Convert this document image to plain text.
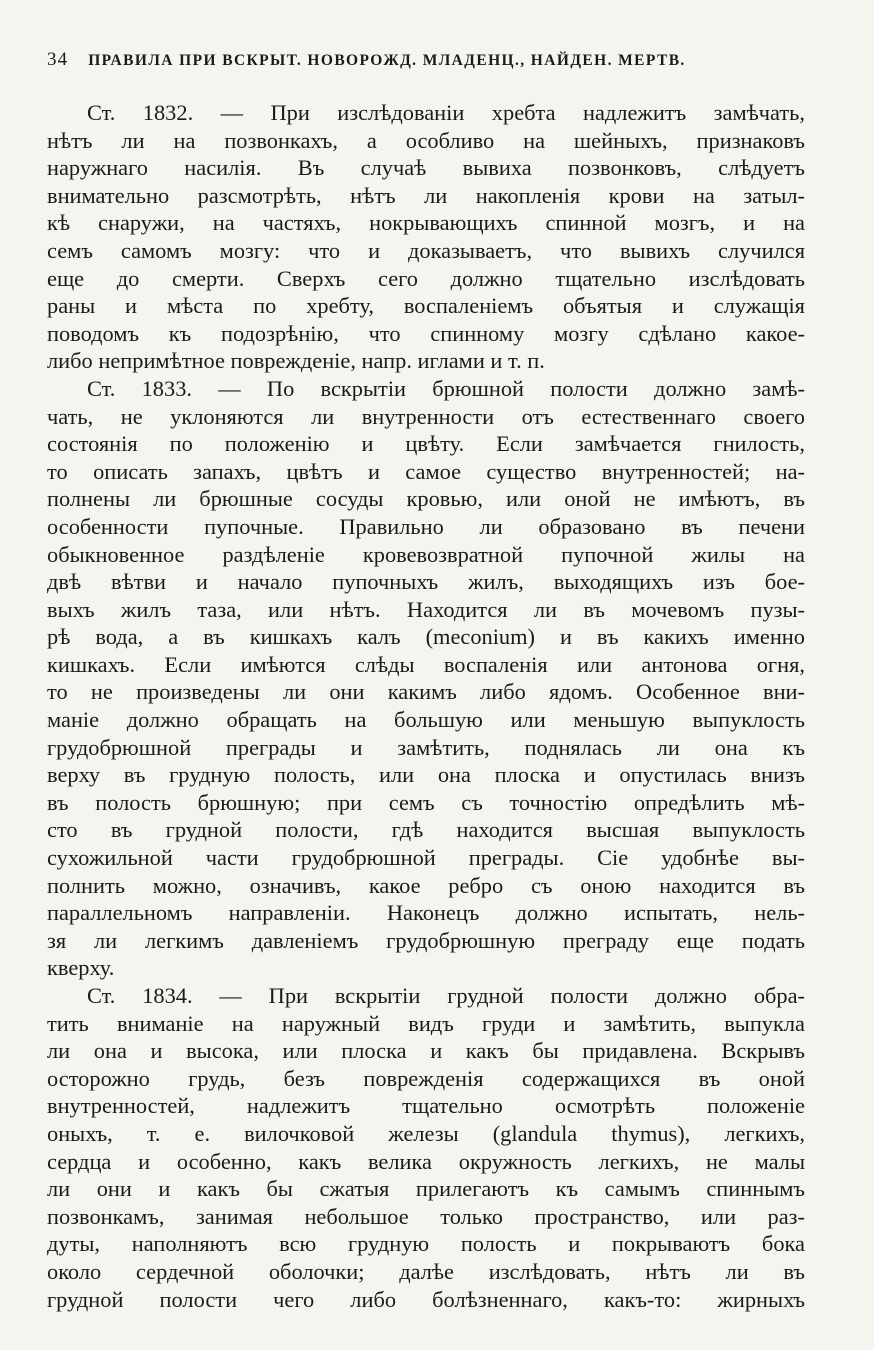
34 ПРАВИЛА ПРИ ВСКРЫТ. НОВОРОЖД. МЛАДЕНЦ., НАЙДЕН. МЕРТВ.
Ст. 1832. — При изслѣдованіи хребта надлежитъ замѣчать,
нѣтъ ли на позвонкахъ, а особливо на шейныхъ, признаковъ
наружнаго насилія. Въ случаѣ вывиха позвонковъ, слѣдуетъ
внимательно разсмотрѣть, нѣтъ ли накопленія крови на затыл-
кѣ снаружи, на частяхъ, нокрывающихъ спинной мозгъ, и на
семъ самомъ мозгу: что и доказываетъ, что вывихъ случился
еще до смерти. Сверхъ сего должно тщательно изслѣдовать
раны и мѣста по хребту, воспаленіемъ объятыя и служащія
поводомъ къ подозрѣнію, что спинному мозгу сдѣлано какое-
либо непримѣтное поврежденіе, напр. иглами и т. п.
Ст. 1833. — По вскрытіи брюшной полости должно замѣ-
чать, не уклоняются ли внутренности отъ естественнаго своего
состоянія по положенію и цвѣту. Если замѣчается гнилость,
то описать запахъ, цвѣтъ и самое существо внутренностей; на-
полнены ли брюшные сосуды кровью, или оной не имѣютъ, въ
особенности пупочные. Правильно ли образовано въ печени
обыкновенное раздѣленіе кровевозвратной пупочной жилы на
двѣ вѣтви и начало пупочныхъ жилъ, выходящихъ изъ бое-
выхъ жилъ таза, или нѣтъ. Находится ли въ мочевомъ пузы-
рѣ вода, а въ кишкахъ калъ (meconium) и въ какихъ именно
кишкахъ. Если имѣются слѣды воспаленія или антонова огня,
то не произведены ли они какимъ либо ядомъ. Особенное вни-
маніе должно обращать на большую или меньшую выпуклость
грудобрюшной преграды и замѣтить, поднялась ли она къ
верху въ грудную полость, или она плоска и опустилась внизъ
въ полость брюшную; при семъ съ точностію опредѣлить мѣ-
сто въ грудной полости, гдѣ находится высшая выпуклость
сухожильной части грудобрюшной преграды. Сіе удобнѣе вы-
полнить можно, означивъ, какое ребро съ оною находится въ
параллельномъ направленіи. Наконецъ должно испытать, нель-
зя ли легкимъ давленіемъ грудобрюшную преграду еще подать
кверху.
Ст. 1834. — При вскрытіи грудной полости должно обра-
тить вниманіе на наружный видъ груди и замѣтить, выпукла
ли она и высока, или плоска и какъ бы придавлена. Вскрывъ
осторожно грудь, безъ поврежденія содержащихся въ оной
внутренностей, надлежитъ тщательно осмотрѣть положеніе
оныхъ, т. е. вилочковой железы (glandula thymus), легкихъ,
сердца и особенно, какъ велика окружность легкихъ, не малы
ли они и какъ бы сжатыя прилегаютъ къ самымъ спиннымъ
позвонкамъ, занимая небольшое только пространство, или раз-
дуты, наполняютъ всю грудную полость и покрываютъ бока
около сердечной оболочки; далѣе изслѣдовать, нѣтъ ли въ
грудной полости чего либо болѣзненнаго, какъ-то: жирныхъ
